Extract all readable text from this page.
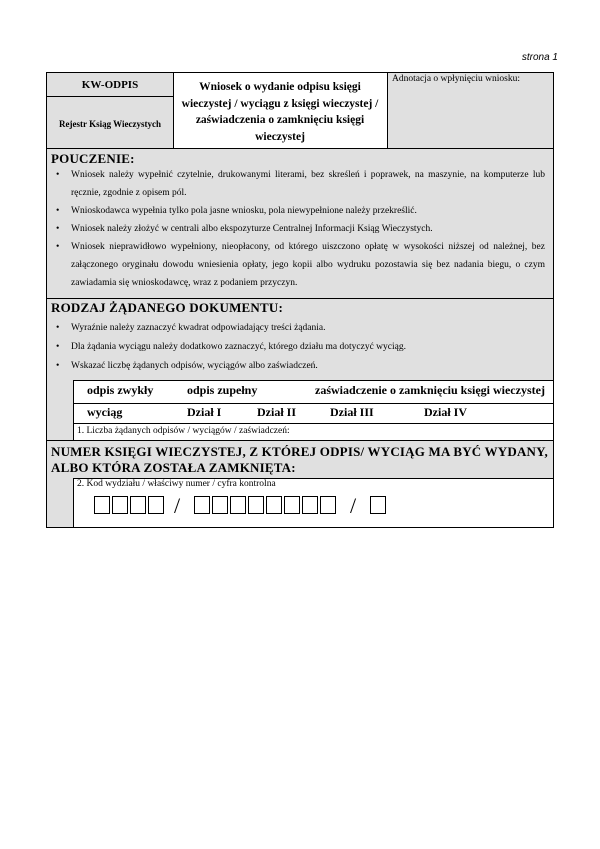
strona 1
KW-ODPIS
Rejestr Ksiąg Wieczystych
Wniosek o wydanie odpisu księgi wieczystej / wyciągu z księgi wieczystej / zaświadczenia o zamknięciu księgi wieczystej
Adnotacja o wpłynięciu wniosku:
POUCZENIE:
• Wniosek należy wypełnić czytelnie, drukowanymi literami, bez skreśleń i poprawek, na maszynie, na komputerze lub ręcznie, zgodnie z opisem pól.
• Wnioskodawca wypełnia tylko pola jasne wniosku, pola niewypełnione należy przekreślić.
• Wniosek należy złożyć w centrali albo ekspozyturze Centralnej Informacji Ksiąg Wieczystych.
• Wniosek nieprawidłowo wypełniony, nieopłacony, od którego uiszczono opłatę w wysokości niższej od należnej, bez załączonego oryginału dowodu wniesienia opłaty, jego kopii albo wydruku pozostawia się bez nadania biegu, o czym zawiadamia się wnioskodawcę, wraz z podaniem przyczyn.
RODZAJ ŻĄDANEGO DOKUMENTU:
• Wyraźnie należy zaznaczyć kwadrat odpowiadający treści żądania.
• Dla żądania wyciągu należy dodatkowo zaznaczyć, którego działu ma dotyczyć wyciąg.
• Wskazać liczbę żądanych odpisów, wyciągów albo zaświadczeń.
odpis zwykły	odpis zupełny	zaświadczenie o zamknięciu księgi wieczystej
wyciąg	Dział I	Dział II	Dział III	Dział IV
1. Liczba żądanych odpisów / wyciągów / zaświadczeń:
NUMER KSIĘGI WIECZYSTEJ, Z KTÓREJ ODPIS/ WYCIĄG MA BYĆ WYDANY, ALBO KTÓRA ZOSTAŁA ZAMKNIĘTA:
2. Kod wydziału / właściwy numer / cyfra kontrolna
/	/
